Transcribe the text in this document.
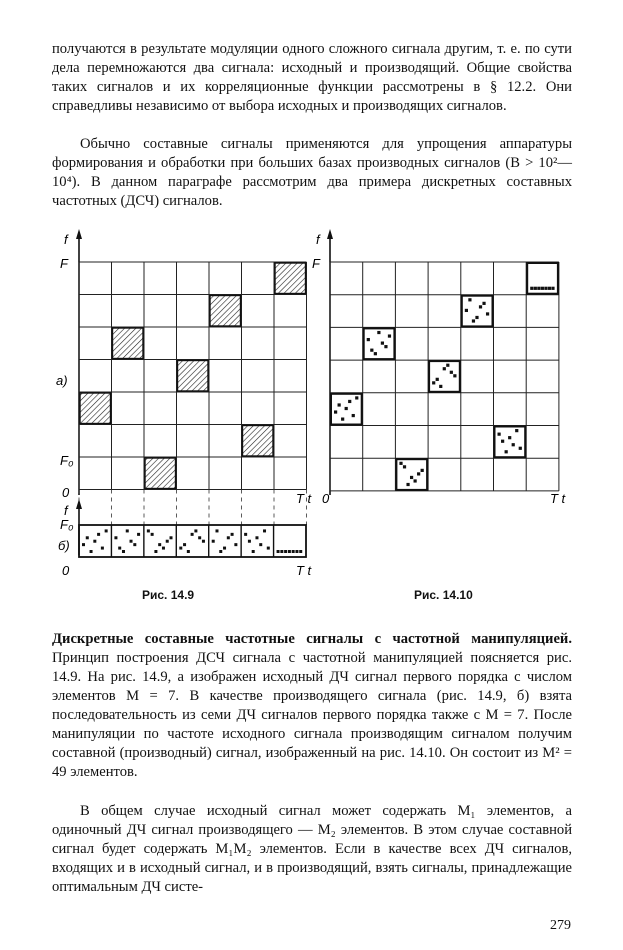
получаются в результате модуляции одного сложного сигнала другим, т. е. по сути дела перемножаются два сигнала: исходный и производящий. Общие свойства таких сигналов и их корреляционные функции рассмотрены в § 12.2. Они справедливы независимо от выбора исходных и производящих сигналов.

Обычно составные сигналы применяются для упрощения аппаратуры формирования и обработки при больших базах производных сигналов (B > 10²—10⁴). В данном параграфе рассмотрим два примера дискретных составных частотных (ДСЧ) сигналов.

f
F
F₀
0
а)
T t
f
F₀
б)
0	T t
Рис. 14.9
f
F
0	T t
Рис. 14.10

Дискретные составные частотные сигналы с частотной манипуляцией. Принцип построения ДСЧ сигнала с частотной манипуляцией поясняется рис. 14.9. На рис. 14.9, а изображен исходный ДЧ сигнал первого порядка с числом элементов M = 7. В качестве производящего сигнала (рис. 14.9, б) взята последовательность из семи ДЧ сигналов первого порядка также с M = 7. После манипуляции по частоте исходного сигнала производящим сигналом получим составной (производный) сигнал, изображенный на рис. 14.10. Он состоит из M² = 49 элементов.

В общем случае исходный сигнал может содержать M₁ элементов, а одиночный ДЧ сигнал производящего — M₂ элементов. В этом случае составной сигнал будет содержать M₁M₂ элементов. Если в качестве всех ДЧ сигналов, входящих и в исходный сигнал, и в производящий, взять сигналы, принадлежащие оптимальным ДЧ систе-

279
